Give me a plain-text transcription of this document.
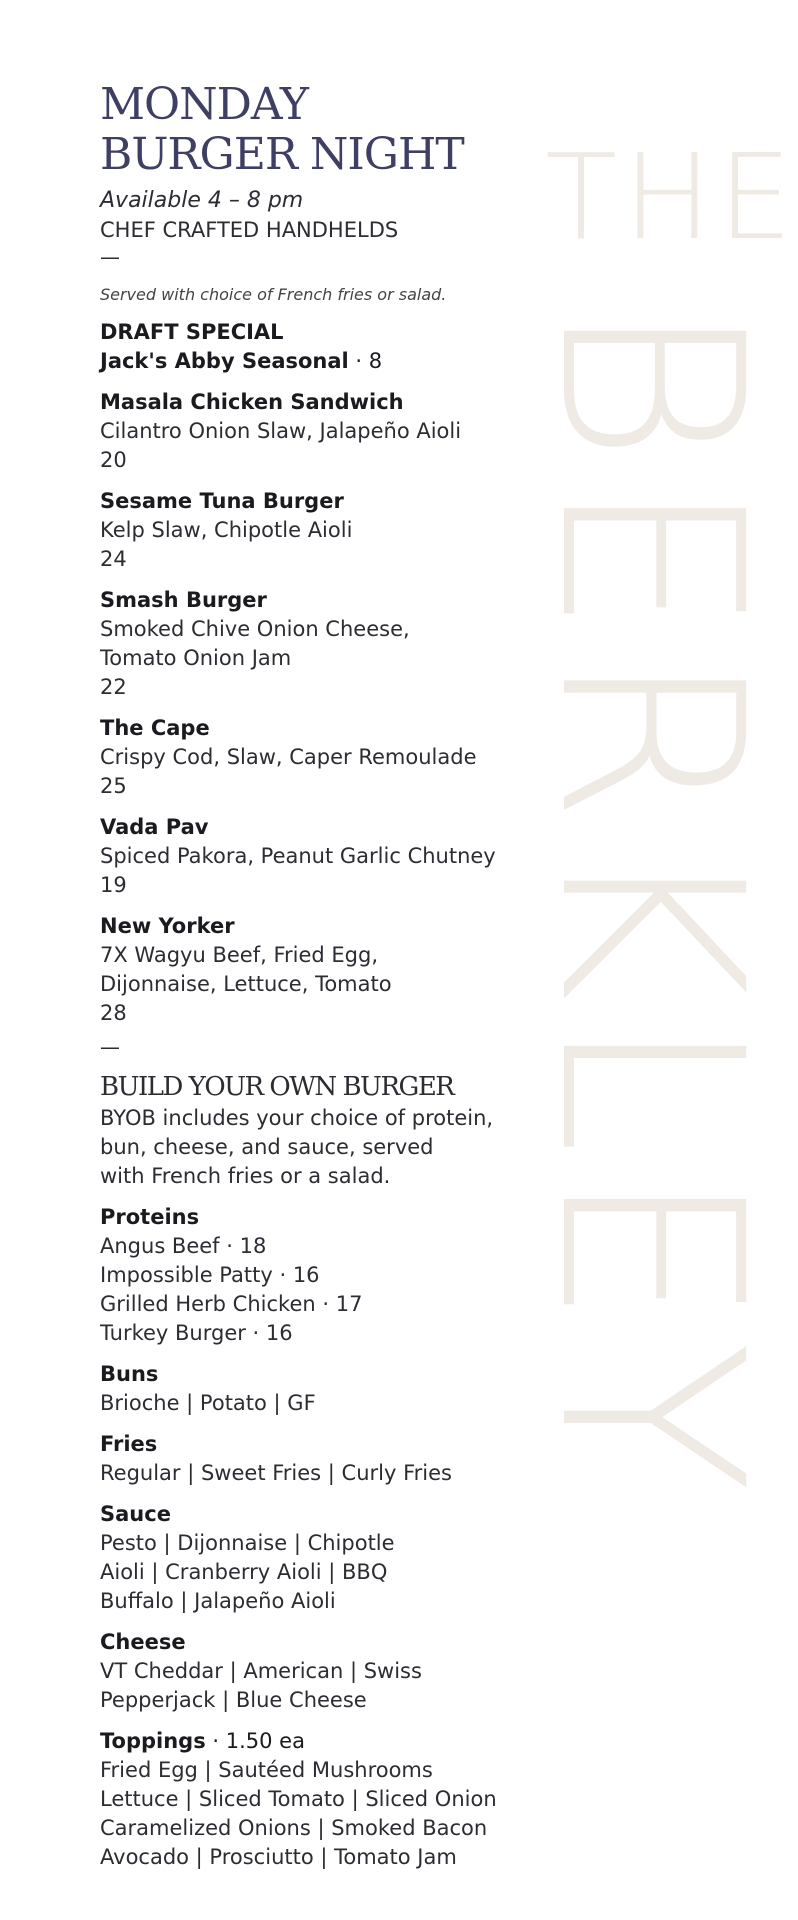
THE
BERKLEY
MONDAY
BURGER NIGHT
Available 4 – 8 pm
CHEF CRAFTED HANDHELDS
—
Served with choice of French fries or salad.
DRAFT SPECIAL
Jack's Abby Seasonal · 8
Masala Chicken Sandwich
Cilantro Onion Slaw, Jalapeño Aioli
20
Sesame Tuna Burger
Kelp Slaw, Chipotle Aioli
24
Smash Burger
Smoked Chive Onion Cheese,
Tomato Onion Jam
22
The Cape
Crispy Cod, Slaw, Caper Remoulade
25
Vada Pav
Spiced Pakora, Peanut Garlic Chutney
19
New Yorker
7X Wagyu Beef, Fried Egg,
Dijonnaise, Lettuce, Tomato
28
—
BUILD YOUR OWN BURGER
BYOB includes your choice of protein,
bun, cheese, and sauce, served
with French fries or a salad.
Proteins
Angus Beef · 18
Impossible Patty · 16
Grilled Herb Chicken · 17
Turkey Burger · 16
Buns
Brioche | Potato | GF
Fries
Regular | Sweet Fries | Curly Fries
Sauce
Pesto | Dijonnaise | Chipotle
Aioli | Cranberry Aioli | BBQ
Buffalo | Jalapeño Aioli
Cheese
VT Cheddar | American | Swiss
Pepperjack | Blue Cheese
Toppings · 1.50 ea
Fried Egg | Sautéed Mushrooms
Lettuce | Sliced Tomato | Sliced Onion
Caramelized Onions | Smoked Bacon
Avocado | Prosciutto | Tomato Jam
